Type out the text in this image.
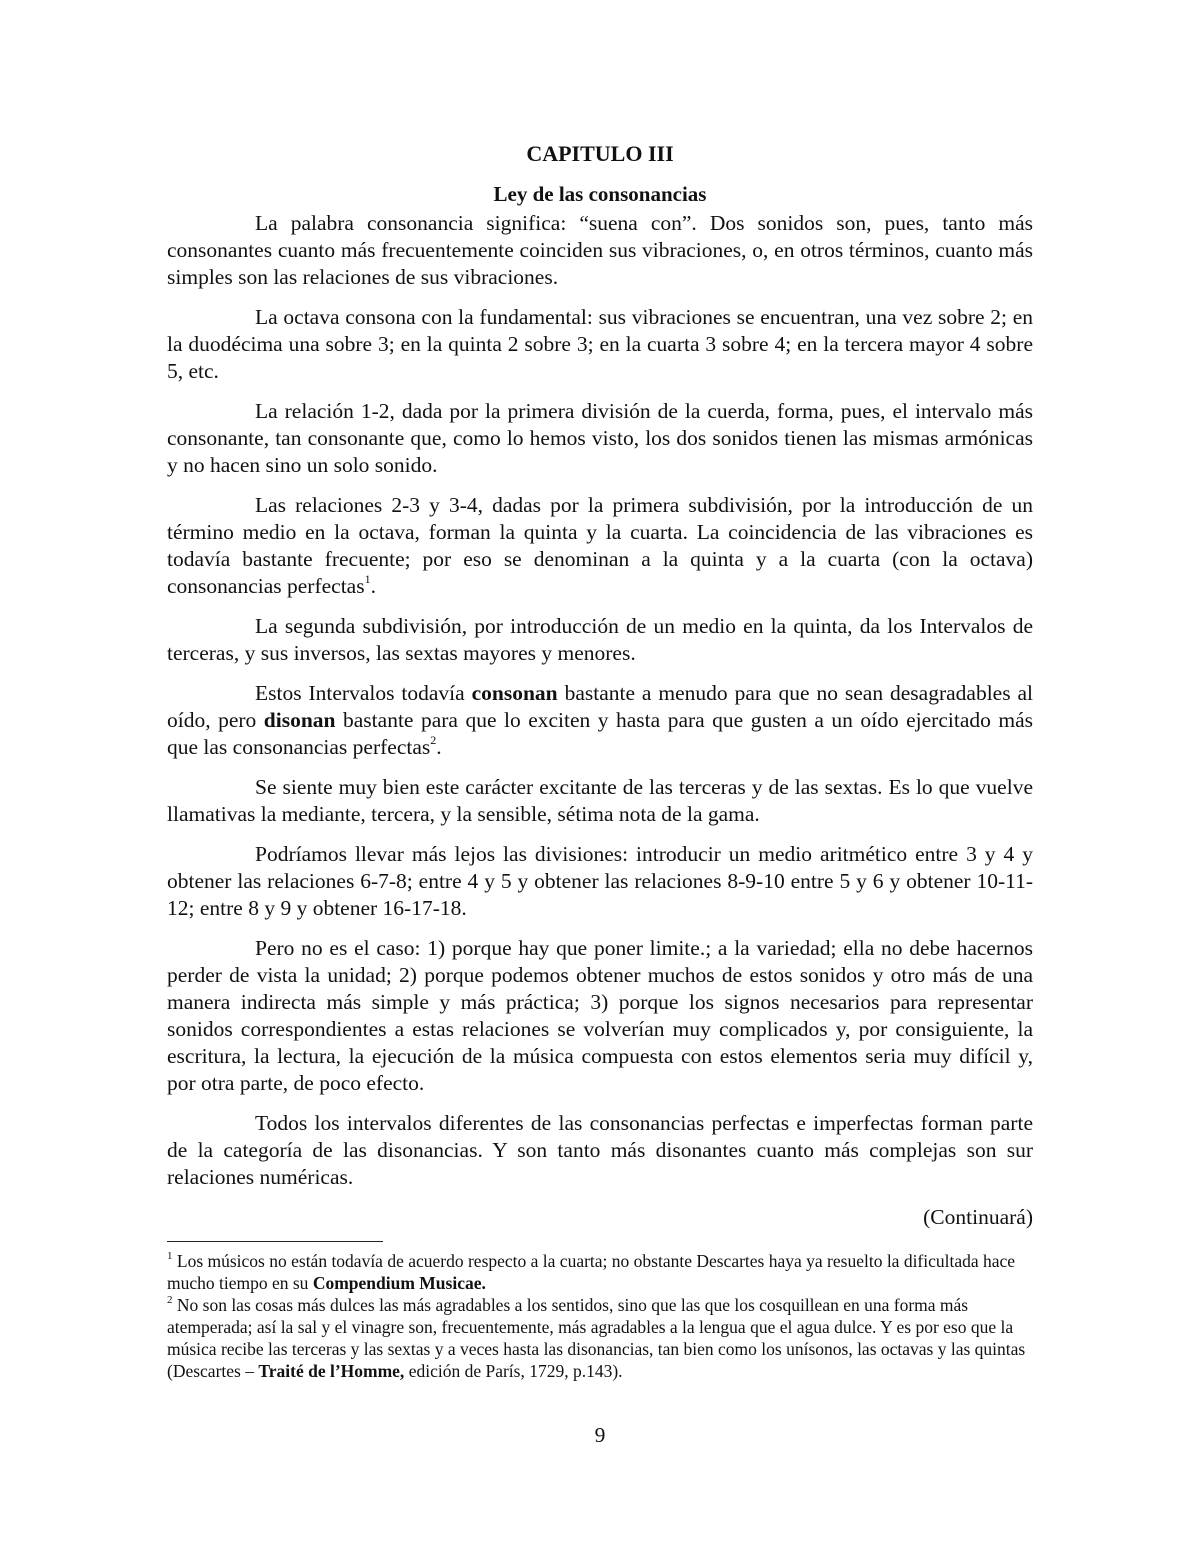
CAPITULO III
Ley de las consonancias

La palabra consonancia significa: “suena con”. Dos sonidos son, pues, tanto más consonantes cuanto más frecuentemente coinciden sus vibraciones, o, en otros términos, cuanto más simples son las relaciones de sus vibraciones.

La octava consona con la fundamental: sus vibraciones se encuentran, una vez sobre 2; en la duodécima una sobre 3; en la quinta 2 sobre 3; en la cuarta 3 sobre 4; en la tercera mayor 4 sobre 5, etc.

La relación 1-2, dada por la primera división de la cuerda, forma, pues, el intervalo más consonante, tan consonante que, como lo hemos visto, los dos sonidos tienen las mismas armónicas y no hacen sino un solo sonido.

Las relaciones 2-3 y 3-4, dadas por la primera subdivisión, por la introducción de un término medio en la octava, forman la quinta y la cuarta. La coincidencia de las vibraciones es todavía bastante frecuente; por eso se denominan a la quinta y a la cuarta (con la octava) consonancias perfectas$^1$.

La segunda subdivisión, por introducción de un medio en la quinta, da los Intervalos de terceras, y sus inversos, las sextas mayores y menores.

Estos Intervalos todavía consonan bastante a menudo para que no sean desagradables al oído, pero disonan bastante para que lo exciten y hasta para que gusten a un oído ejercitado más que las consonancias perfectas$^2$.

Se siente muy bien este carácter excitante de las terceras y de las sextas. Es lo que vuelve llamativas la mediante, tercera, y la sensible, sétima nota de la gama.

Podríamos llevar más lejos las divisiones: introducir un medio aritmético entre 3 y 4 y obtener las relaciones 6-7-8; entre 4 y 5 y obtener las relaciones 8-9-10 entre 5 y 6 y obtener 10-11-12; entre 8 y 9 y obtener 16-17-18.

Pero no es el caso: 1) porque hay que poner limite.; a la variedad; ella no debe hacernos perder de vista la unidad; 2) porque podemos obtener muchos de estos sonidos y otro más de una manera indirecta más simple y más práctica; 3) porque los signos necesarios para representar sonidos correspondientes a estas relaciones se volverían muy complicados y, por consiguiente, la escritura, la lectura, la ejecución de la música compuesta con estos elementos seria muy difícil y, por otra parte, de poco efecto.

Todos los intervalos diferentes de las consonancias perfectas e imperfectas forman parte de la categoría de las disonancias. Y son tanto más disonantes cuanto más complejas son sur relaciones numéricas.

(Continuará)

$^1$ Los músicos no están todavía de acuerdo respecto a la cuarta; no obstante Descartes haya ya resuelto la dificultada hace mucho tiempo en su Compendium Musicae.

$^2$ No son las cosas más dulces las más agradables a los sentidos, sino que las que los cosquillean en una forma más atemperada; así la sal y el vinagre son, frecuentemente, más agradables a la lengua que el agua dulce. Y es por eso que la música recibe las terceras y las sextas y a veces hasta las disonancias, tan bien como los unísonos, las octavas y las quintas (Descartes – Traité de l’Homme, edición de París, 1729, p.143).

9
